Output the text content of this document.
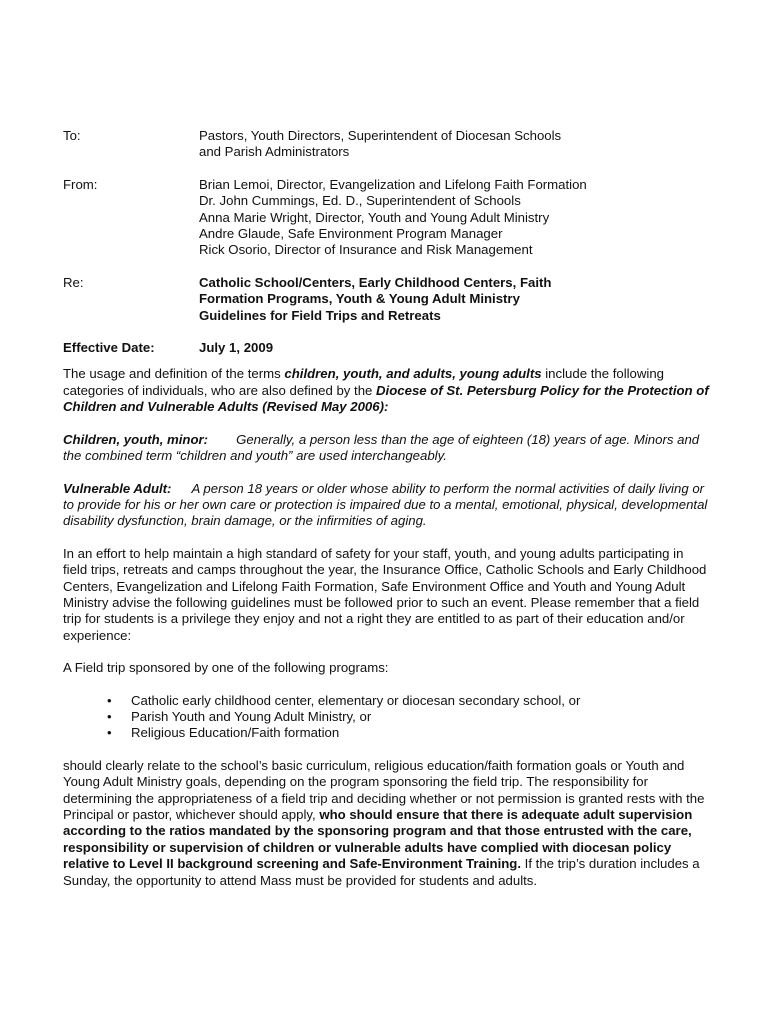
To:	Pastors, Youth Directors, Superintendent of Diocesan Schools
and Parish Administrators
From:	Brian Lemoi, Director, Evangelization and Lifelong Faith Formation
Dr. John Cummings, Ed. D., Superintendent of Schools
Anna Marie Wright, Director, Youth and Young Adult Ministry
Andre Glaude, Safe Environment Program Manager
Rick Osorio, Director of Insurance and Risk Management
Re:	Catholic School/Centers, Early Childhood Centers, Faith
Formation Programs, Youth & Young Adult Ministry
Guidelines for Field Trips and Retreats
Effective Date:	July 1, 2009

The usage and definition of the terms children, youth, and adults, young adults include the following categories of individuals, who are also defined by the Diocese of St. Petersburg Policy for the Protection of Children and Vulnerable Adults (Revised May 2006):

Children, youth, minor: Generally, a person less than the age of eighteen (18) years of age. Minors and the combined term “children and youth” are used interchangeably.

Vulnerable Adult: A person 18 years or older whose ability to perform the normal activities of daily living or to provide for his or her own care or protection is impaired due to a mental, emotional, physical, developmental disability dysfunction, brain damage, or the infirmities of aging.

In an effort to help maintain a high standard of safety for your staff, youth, and young adults participating in field trips, retreats and camps throughout the year, the Insurance Office, Catholic Schools and Early Childhood Centers, Evangelization and Lifelong Faith Formation, Safe Environment Office and Youth and Young Adult Ministry advise the following guidelines must be followed prior to such an event. Please remember that a field trip for students is a privilege they enjoy and not a right they are entitled to as part of their education and/or experience:

A Field trip sponsored by one of the following programs:

• Catholic early childhood center, elementary or diocesan secondary school, or
• Parish Youth and Young Adult Ministry, or
• Religious Education/Faith formation

should clearly relate to the school’s basic curriculum, religious education/faith formation goals or Youth and Young Adult Ministry goals, depending on the program sponsoring the field trip. The responsibility for determining the appropriateness of a field trip and deciding whether or not permission is granted rests with the Principal or pastor, whichever should apply, who should ensure that there is adequate adult supervision according to the ratios mandated by the sponsoring program and that those entrusted with the care, responsibility or supervision of children or vulnerable adults have complied with diocesan policy relative to Level II background screening and Safe-Environment Training. If the trip’s duration includes a Sunday, the opportunity to attend Mass must be provided for students and adults.
